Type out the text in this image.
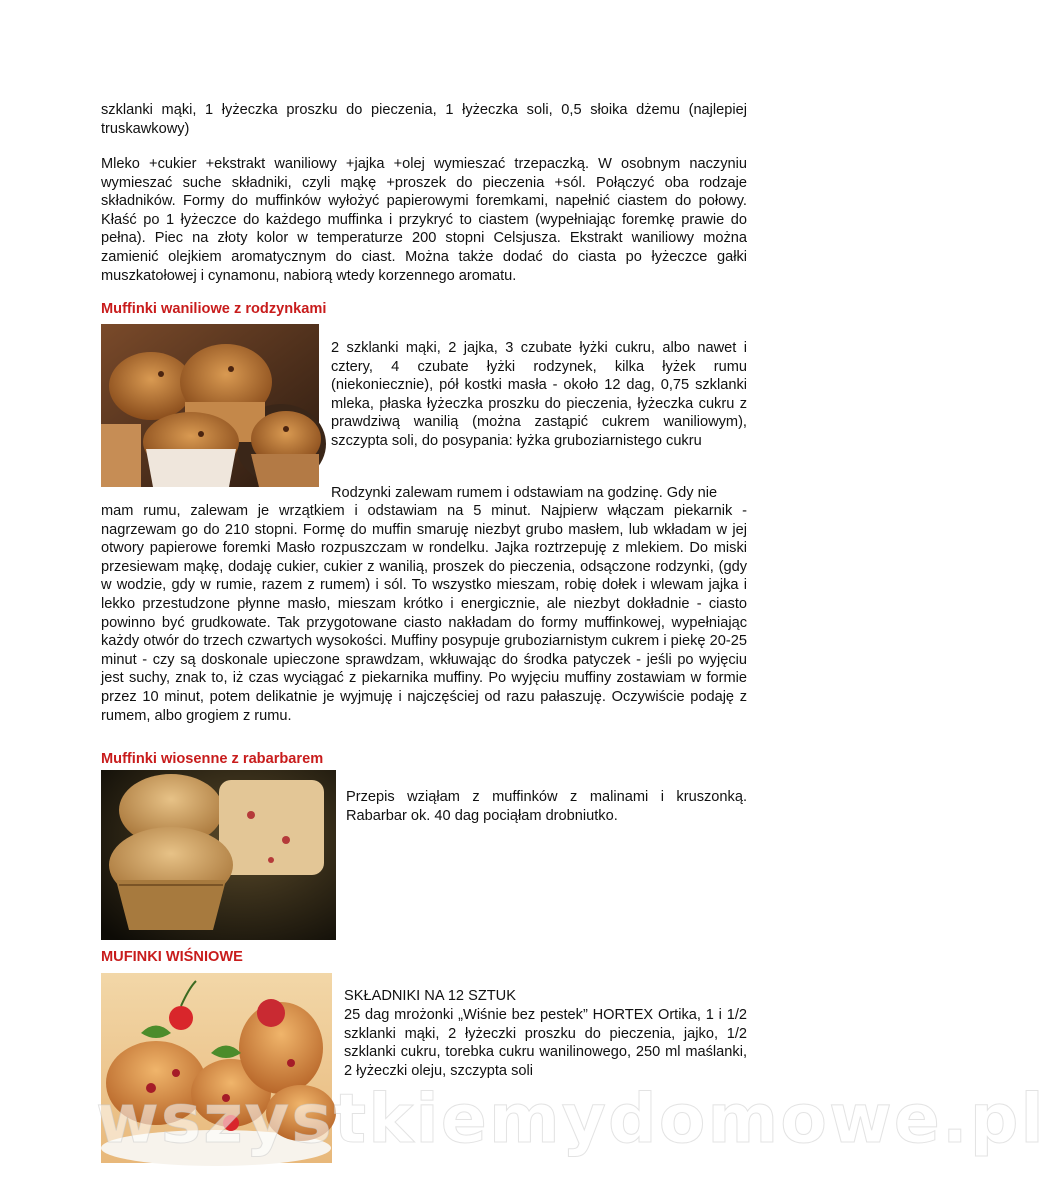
szklanki mąki, 1 łyżeczka proszku do pieczenia, 1 łyżeczka soli, 0,5 słoika dżemu (najlepiej truskawkowy)

Mleko +cukier +ekstrakt waniliowy +jajka +olej wymieszać trzepaczką. W osobnym naczyniu wymieszać suche składniki, czyli mąkę +proszek do pieczenia +sól. Połączyć oba rodzaje składników. Formy do muffinków wyłożyć papierowymi foremkami, napełnić ciastem do połowy. Kłaść po 1 łyżeczce do każdego muffinka i przykryć to ciastem (wypełniając foremkę prawie do pełna). Piec na złoty kolor w temperaturze 200 stopni Celsjusza. Ekstrakt waniliowy można zamienić olejkiem aromatycznym do ciast. Można także dodać do ciasta po łyżeczce gałki muszkatołowej i cynamonu, nabiorą wtedy korzennego aromatu.

Muffinki waniliowe z rodzynkami

2 szklanki mąki, 2 jajka, 3 czubate łyżki cukru, albo nawet i cztery, 4 czubate łyżki rodzynek, kilka łyżek rumu (niekoniecznie), pół kostki masła - około 12 dag, 0,75 szklanki mleka, płaska łyżeczka proszku do pieczenia, łyżeczka cukru z prawdziwą wanilią (można zastąpić cukrem waniliowym), szczypta soli, do posypania: łyżka gruboziarnistego cukru

Rodzynki zalewam rumem i odstawiam na godzinę. Gdy nie

mam rumu, zalewam je wrzątkiem i odstawiam na 5 minut. Najpierw włączam piekarnik - nagrzewam go do 210 stopni. Formę do muffin smaruję niezbyt grubo masłem, lub wkładam w jej otwory papierowe foremki Masło rozpuszczam w rondelku. Jajka roztrzepuję z mlekiem. Do miski przesiewam mąkę, dodaję cukier, cukier z wanilią, proszek do pieczenia, odsączone rodzynki, (gdy w wodzie, gdy w rumie, razem z rumem) i sól. To wszystko mieszam, robię dołek i wlewam jajka i lekko przestudzone płynne masło, mieszam krótko i energicznie, ale niezbyt dokładnie - ciasto powinno być grudkowate. Tak przygotowane ciasto nakładam do formy muffinkowej, wypełniając każdy otwór do trzech czwartych wysokości. Muffiny posypuje gruboziarnistym cukrem i piekę 20-25 minut - czy są doskonale upieczone sprawdzam, wkłuwając do środka patyczek - jeśli po wyjęciu jest suchy, znak to, iż czas wyciągać z piekarnika muffiny. Po wyjęciu muffiny zostawiam w formie przez 10 minut, potem delikatnie je wyjmuję i najczęściej od razu pałaszuję. Oczywiście podaję z rumem, albo grogiem z rumu.

Muffinki wiosenne z rabarbarem

Przepis wziąłam z muffinków z malinami i kruszonką. Rabarbar ok. 40 dag pociąłam drobniutko.

MUFINKI WIŚNIOWE

SKŁADNIKI NA 12 SZTUK

25 dag mrożonki „Wiśnie bez pestek” HORTEX Ortika, 1 i 1/2 szklanki mąki, 2 łyżeczki proszku do pieczenia, jajko, 1/2 szklanki cukru, torebka cukru wanilinowego, 250 ml maślanki, 2 łyżeczki oleju, szczypta soli

wszystkiemydomowe.pl
